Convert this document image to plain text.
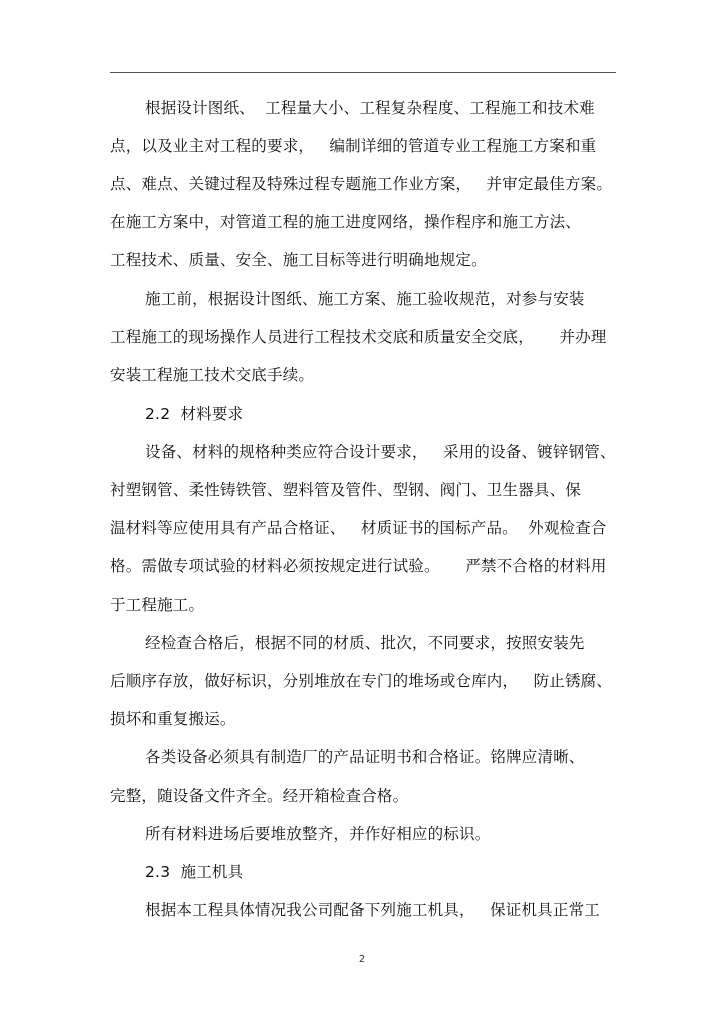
根据设计图纸、  工程量大小、工程复杂程度、工程施工和技术难
点，以及业主对工程的要求，   编制详细的管道专业工程施工方案和重
点、难点、关键过程及特殊过程专题施工作业方案，   并审定最佳方案。
在施工方案中，对管道工程的施工进度网络，操作程序和施工方法、
工程技术、质量、安全、施工目标等进行明确地规定。
施工前，根据设计图纸、施工方案、施工验收规范，对参与安装
工程施工的现场操作人员进行工程技术交底和质量安全交底，     并办理
安装工程施工技术交底手续。
2.2  材料要求
设备、材料的规格种类应符合设计要求，   采用的设备、镀锌钢管、
衬塑钢管、柔性铸铁管、塑料管及管件、型钢、阀门、卫生器具、保
温材料等应使用具有产品合格证、   材质证书的国标产品。  外观检查合
格。需做专项试验的材料必须按规定进行试验。     严禁不合格的材料用
于工程施工。
经检查合格后，根据不同的材质、批次，不同要求，按照安装先
后顺序存放，做好标识，分别堆放在专门的堆场或仓库内，   防止锈腐、
损坏和重复搬运。
各类设备必须具有制造厂的产品证明书和合格证。铭牌应清晰、
完整，随设备文件齐全。经开箱检查合格。
所有材料进场后要堆放整齐，并作好相应的标识。
2.3  施工机具
根据本工程具体情况我公司配备下列施工机具，   保证机具正常工
2
